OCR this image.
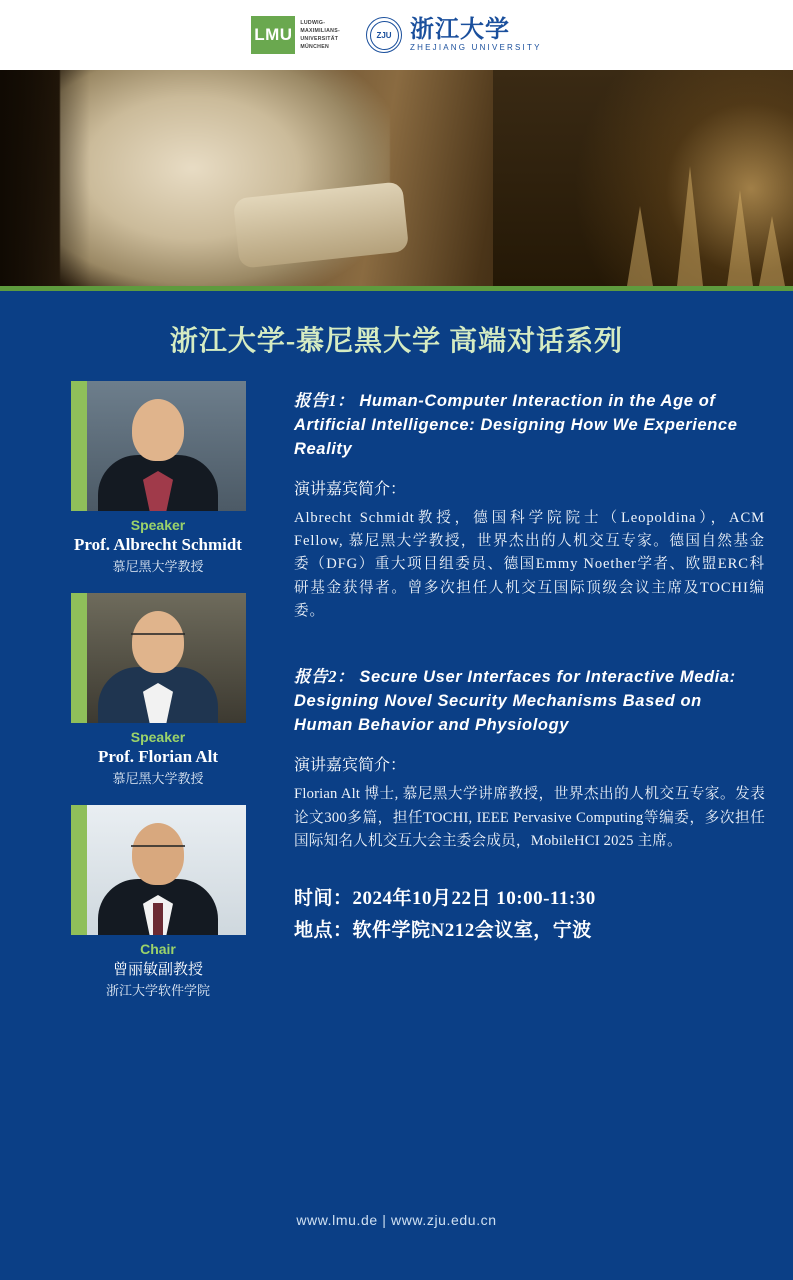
LMU
LUDWIG-
MAXIMILIANS-
UNIVERSITÄT
MÜNCHEN
ZJU 浙江大学
ZHEJIANG UNIVERSITY
浙江大学-慕尼黑大学 高端对话系列
Speaker
Prof. Albrecht Schmidt
慕尼黑大学教授
Speaker
Prof. Florian Alt
慕尼黑大学教授
Chair
曾丽敏副教授
浙江大学软件学院
报告1： Human-Computer Interaction in the Age of Artificial Intelligence: Designing How We Experience Reality
演讲嘉宾简介：
Albrecht Schmidt教授，德国科学院院士（Leopoldina），ACM Fellow, 慕尼黑大学教授，世界杰出的人机交互专家。德国自然基金委（DFG）重大项目组委员、德国Emmy Noether学者、欧盟ERC科研基金获得者。曾多次担任人机交互国际顶级会议主席及TOCHI编委。
报告2： Secure User Interfaces for Interactive Media: Designing Novel Security Mechanisms Based on Human Behavior and Physiology
演讲嘉宾简介：
Florian Alt 博士, 慕尼黑大学讲席教授，世界杰出的人机交互专家。发表论文300多篇，担任TOCHI, IEEE Pervasive Computing等编委，多次担任国际知名人机交互大会主委会成员，MobileHCI 2025 主席。
时间：2024年10月22日 10:00-11:30
地点：软件学院N212会议室，宁波
www.lmu.de | www.zju.edu.cn
